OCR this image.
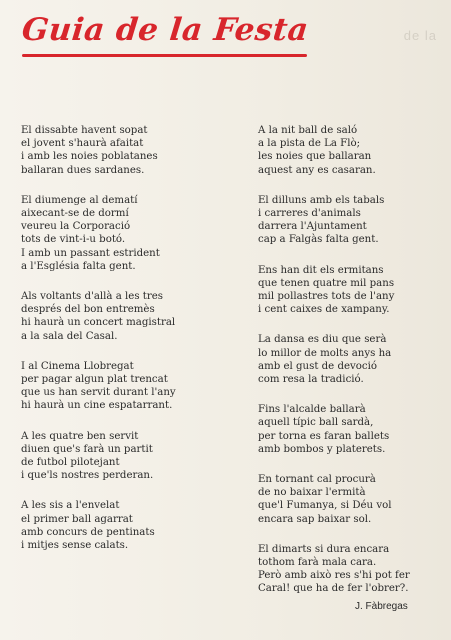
de la
Guia de la Festa
El dissabte havent sopat
el jovent s'haurà afaitat
i amb les noies poblatanes
ballaran dues sardanes.
El diumenge al dematí
aixecant-se de dormí
veureu la Corporació
tots de vint-i-u botó.
I amb un passant estrident
a l'Església falta gent.
Als voltants d'allà a les tres
després del bon entremès
hi haurà un concert magistral
a la sala del Casal.
I al Cinema Llobregat
per pagar algun plat trencat
que us han servit durant l'any
hi haurà un cine espatarrant.
A les quatre ben servit
diuen que's farà un partit
de futbol pilotejant
i que'ls nostres perderan.
A les sis a l'envelat
el primer ball agarrat
amb concurs de pentinats
i mitjes sense calats.
A la nit ball de saló
a la pista de La Flò;
les noies que ballaran
aquest any es casaran.
El dilluns amb els tabals
i carreres d'animals
darrera l'Ajuntament
cap a Falgàs falta gent.
Ens han dit els ermitans
que tenen quatre mil pans
mil pollastres tots de l'any
i cent caixes de xampany.
La dansa es diu que serà
lo millor de molts anys ha
amb el gust de devoció
com resa la tradició.
Fins l'alcalde ballarà
aquell típic ball sardà,
per torna es faran ballets
amb bombos y platerets.
En tornant cal procurà
de no baixar l'ermità
que'l Fumanya, si Déu vol
encara sap baixar sol.
El dimarts si dura encara
tothom farà mala cara.
Però amb això res s'hi pot fer
Caral! que ha de fer l'obrer?.
J. Fàbregas
